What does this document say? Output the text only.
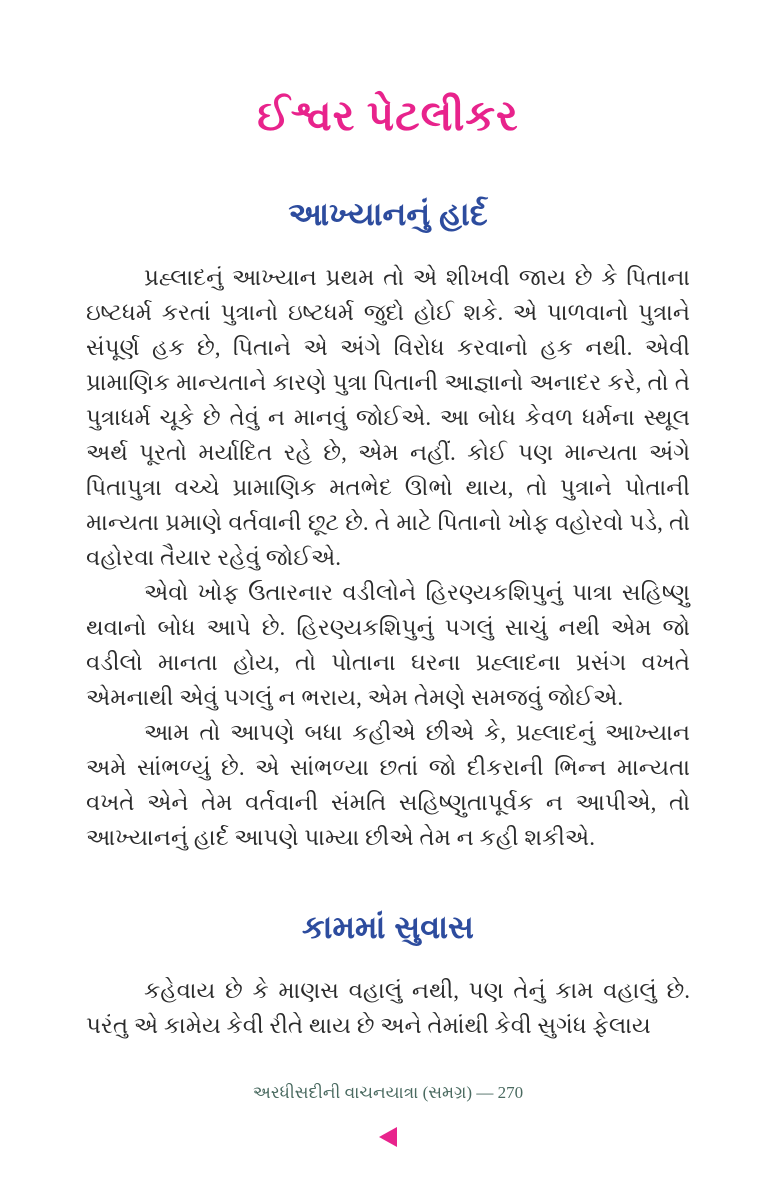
ઈશ્વર પેટલીકર
આખ્યાનનું હાર્દ

પ્રહ્લાદનું આખ્યાન પ્રથમ તો એ શીખવી જાય છે કે પિતાના ઇષ્ટધર્મ કરતાં પુત્રાનો ઇષ્ટધર્મ જુદો હોઈ શકે. એ પાળવાનો પુત્રાને સંપૂર્ણ હક છે, પિતાને એ અંગે વિરોધ કરવાનો હક નથી. એવી પ્રામાણિક માન્યતાને કારણે પુત્રા પિતાની આજ્ઞાનો અનાદર કરે, તો તે પુત્રાધર્મ ચૂકે છે તેવું ન માનવું જોઈએ. આ બોધ કેવળ ધર્મના સ્થૂલ અર્થ પૂરતો મર્યાદિત રહે છે, એમ નહીં. કોઈ પણ માન્યતા અંગે પિતાપુત્રા વચ્ચે પ્રામાણિક મતભેદ ઊભો થાય, તો પુત્રાને પોતાની માન્યતા પ્રમાણે વર્તવાની છૂટ છે. તે માટે પિતાનો ખોફ વહોરવો પડે, તો વહોરવા તૈયાર રહેવું જોઈએ.

એવો ખોફ ઉતારનાર વડીલોને હિરણ્યકશિપુનું પાત્રા સહિષ્ણુ થવાનો બોધ આપે છે. હિરણ્યકશિપુનું પગલું સાચું નથી એમ જો વડીલો માનતા હોય, તો પોતાના ઘરના પ્રહ્લાદના પ્રસંગ વખતે એમનાથી એવું પગલું ન ભરાય, એમ તેમણે સમજવું જોઈએ.

આમ તો આપણે બધા કહીએ છીએ કે, પ્રહ્લાદનું આખ્યાન અમે સાંભળ્યું છે. એ સાંભળ્યા છતાં જો દીકરાની ભિન્ન માન્યતા વખતે એને તેમ વર્તવાની સંમતિ સહિષ્ણુતાપૂર્વક ન આપીએ, તો આખ્યાનનું હાર્દ આપણે પામ્યા છીએ તેમ ન કહી શકીએ.

કામમાં સુવાસ

કહેવાય છે કે માણસ વહાલું નથી, પણ તેનું કામ વહાલું છે. પરંતુ એ કામેય કેવી રીતે થાય છે અને તેમાંથી કેવી સુગંધ ફેલાય

અરધીસદીની વાચનયાત્રા (સમગ્ર) — 270
